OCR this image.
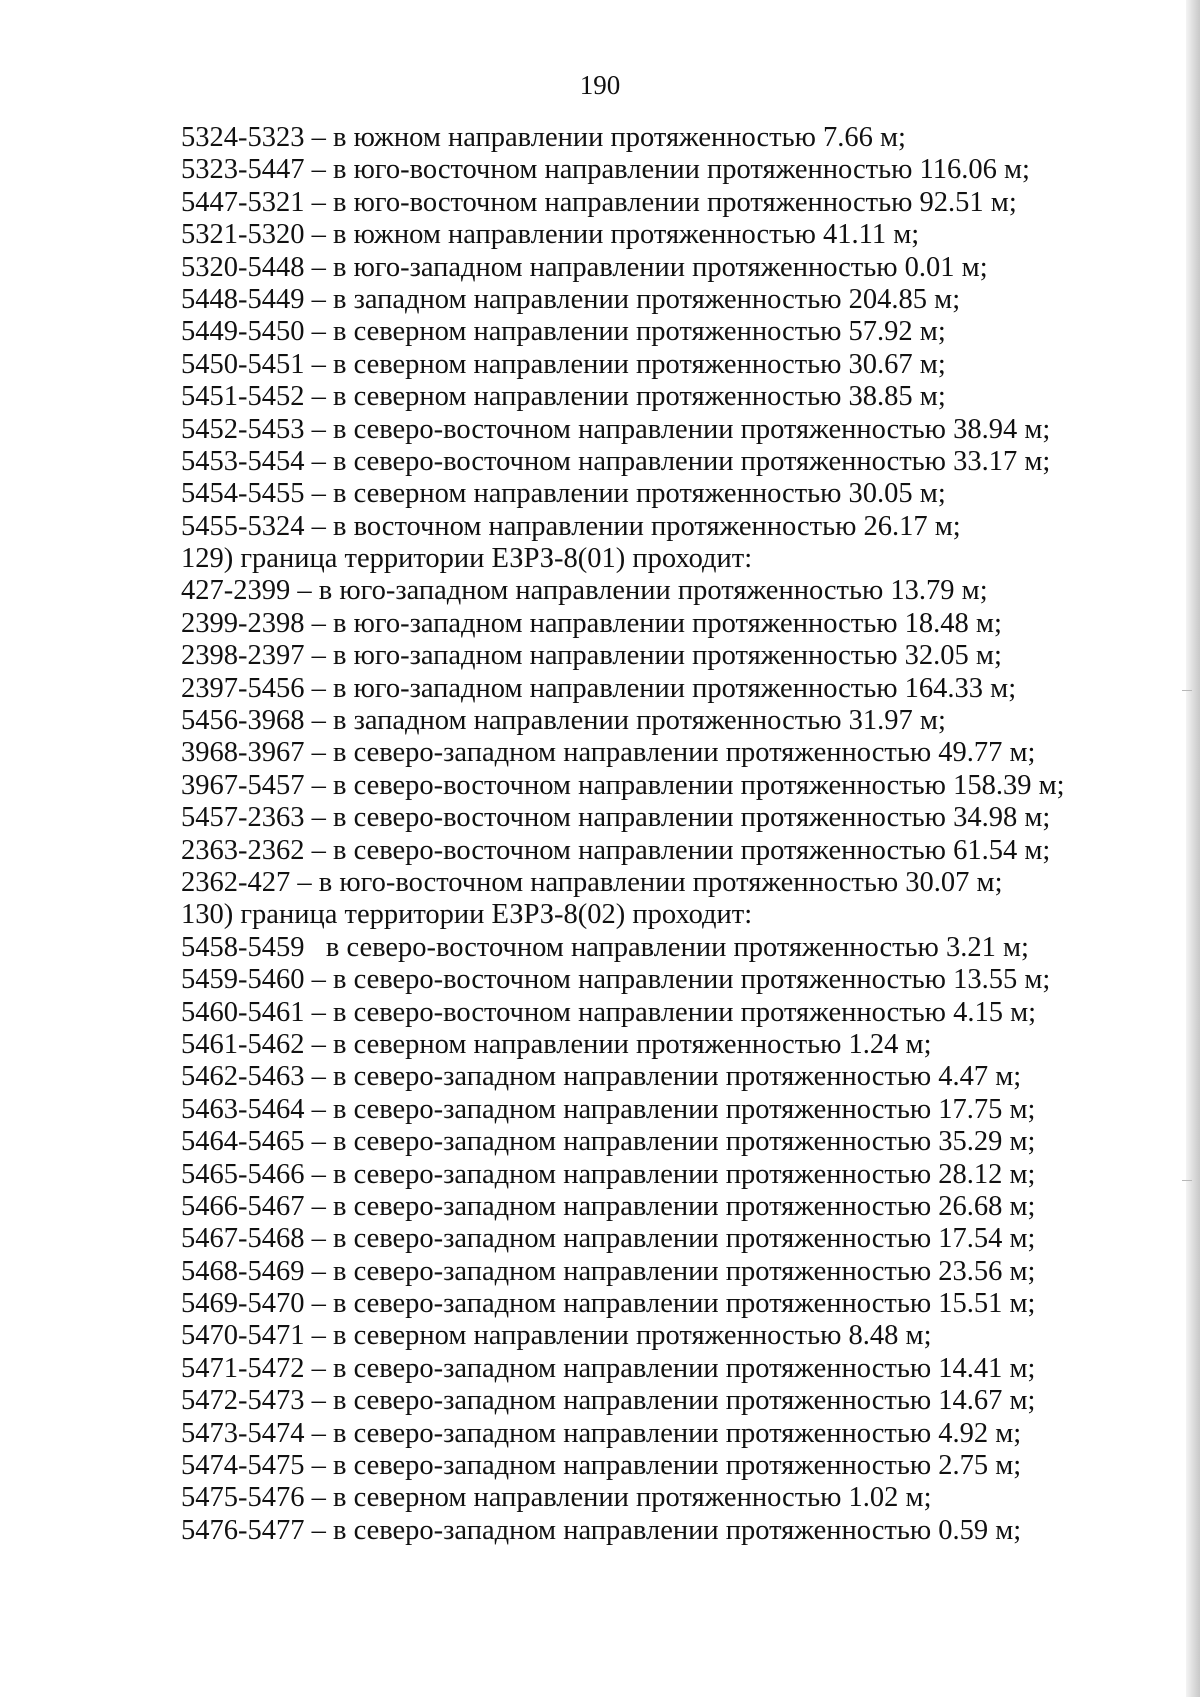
190
5324-5323 – в южном направлении протяженностью 7.66 м;
5323-5447 – в юго-восточном направлении протяженностью 116.06 м;
5447-5321 – в юго-восточном направлении протяженностью 92.51 м;
5321-5320 – в южном направлении протяженностью 41.11 м;
5320-5448 – в юго-западном направлении протяженностью 0.01 м;
5448-5449 – в западном направлении протяженностью 204.85 м;
5449-5450 – в северном направлении протяженностью 57.92 м;
5450-5451 – в северном направлении протяженностью 30.67 м;
5451-5452 – в северном направлении протяженностью 38.85 м;
5452-5453 – в северо-восточном направлении протяженностью 38.94 м;
5453-5454 – в северо-восточном направлении протяженностью 33.17 м;
5454-5455 – в северном направлении протяженностью 30.05 м;
5455-5324 – в восточном направлении протяженностью 26.17 м;
129) граница территории ЕЗРЗ-8(01) проходит:
427-2399 – в юго-западном направлении протяженностью 13.79 м;
2399-2398 – в юго-западном направлении протяженностью 18.48 м;
2398-2397 – в юго-западном направлении протяженностью 32.05 м;
2397-5456 – в юго-западном направлении протяженностью 164.33 м;
5456-3968 – в западном направлении протяженностью 31.97 м;
3968-3967 – в северо-западном направлении протяженностью 49.77 м;
3967-5457 – в северо-восточном направлении протяженностью 158.39 м;
5457-2363 – в северо-восточном направлении протяженностью 34.98 м;
2363-2362 – в северо-восточном направлении протяженностью 61.54 м;
2362-427 – в юго-восточном направлении протяженностью 30.07 м;
130) граница территории ЕЗРЗ-8(02) проходит:
5458-5459 в северо-восточном направлении протяженностью 3.21 м;
5459-5460 – в северо-восточном направлении протяженностью 13.55 м;
5460-5461 – в северо-восточном направлении протяженностью 4.15 м;
5461-5462 – в северном направлении протяженностью 1.24 м;
5462-5463 – в северо-западном направлении протяженностью 4.47 м;
5463-5464 – в северо-западном направлении протяженностью 17.75 м;
5464-5465 – в северо-западном направлении протяженностью 35.29 м;
5465-5466 – в северо-западном направлении протяженностью 28.12 м;
5466-5467 – в северо-западном направлении протяженностью 26.68 м;
5467-5468 – в северо-западном направлении протяженностью 17.54 м;
5468-5469 – в северо-западном направлении протяженностью 23.56 м;
5469-5470 – в северо-западном направлении протяженностью 15.51 м;
5470-5471 – в северном направлении протяженностью 8.48 м;
5471-5472 – в северо-западном направлении протяженностью 14.41 м;
5472-5473 – в северо-западном направлении протяженностью 14.67 м;
5473-5474 – в северо-западном направлении протяженностью 4.92 м;
5474-5475 – в северо-западном направлении протяженностью 2.75 м;
5475-5476 – в северном направлении протяженностью 1.02 м;
5476-5477 – в северо-западном направлении протяженностью 0.59 м;
